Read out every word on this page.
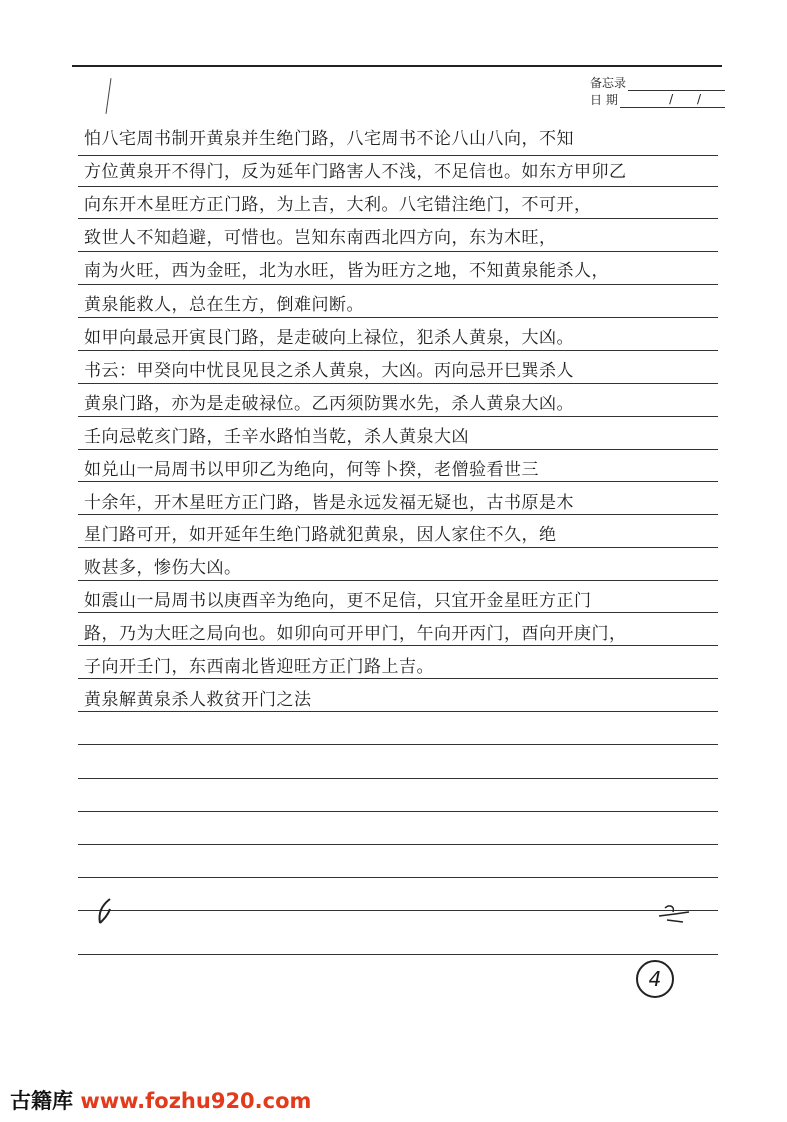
备忘录
日 期	/ /
怕八宅周书制开黄泉并生绝门路，八宅周书不论八山八向，不知
方位黄泉开不得门，反为延年门路害人不浅，不足信也。如东方甲卯乙
向东开木星旺方正门路，为上吉，大利。八宅错注绝门，不可开，
致世人不知趋避，可惜也。岂知东南西北四方向，东为木旺，
南为火旺，西为金旺，北为水旺，皆为旺方之地，不知黄泉能杀人，
黄泉能救人，总在生方，倒难问断。
如甲向最忌开寅艮门路，是走破向上禄位，犯杀人黄泉，大凶。
书云：甲癸向中忧艮见艮之杀人黄泉，大凶。丙向忌开巳巽杀人
黄泉门路，亦为是走破禄位。乙丙须防巽水先，杀人黄泉大凶。
壬向忌乾亥门路，壬辛水路怕当乾，杀人黄泉大凶
如兑山一局周书以甲卯乙为绝向，何等卜揆，老僧验看世三
十余年，开木星旺方正门路，皆是永远发福无疑也，古书原是木
星门路可开，如开延年生绝门路就犯黄泉，因人家住不久，绝
败甚多，惨伤大凶。
如震山一局周书以庚酉辛为绝向，更不足信，只宜开金星旺方正门
路，乃为大旺之局向也。如卯向可开甲门，午向开丙门，酉向开庚门，
子向开壬门，东西南北皆迎旺方正门路上吉。
黄泉解黄泉杀人救贫开门之法
4
古籍库 www.fozhu920.com
